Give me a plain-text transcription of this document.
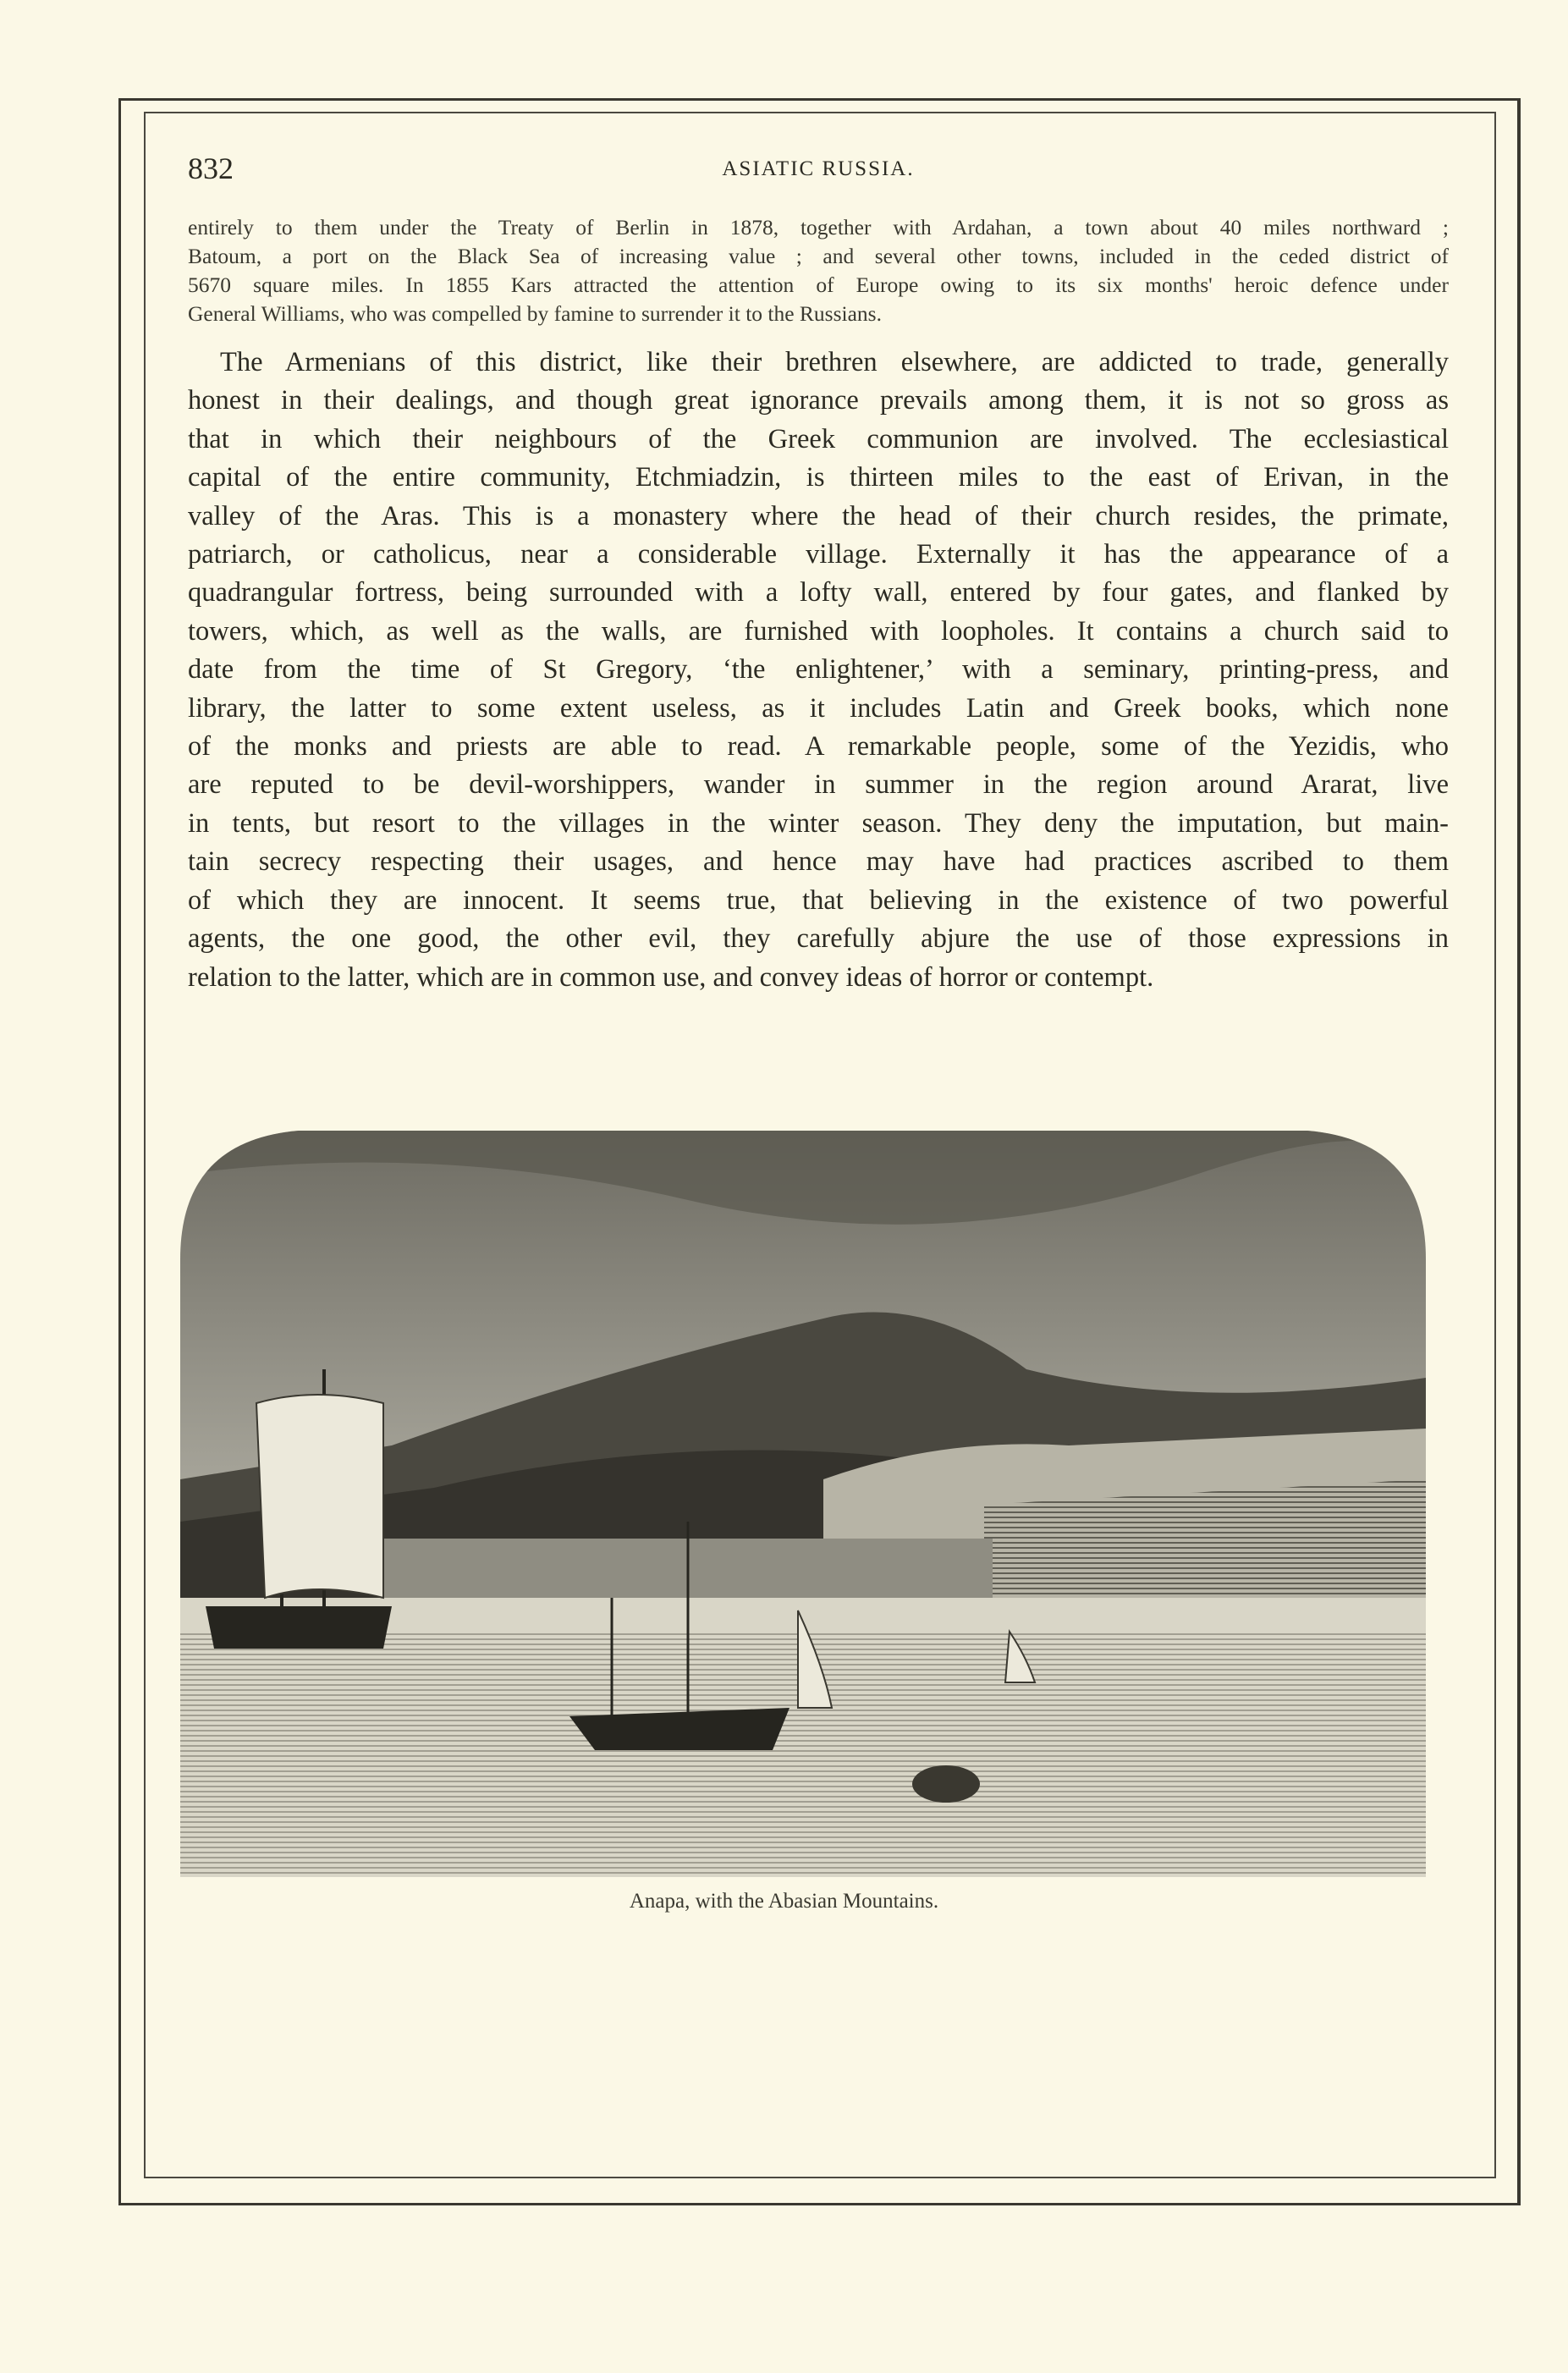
832	ASIATIC RUSSIA.
entirely to them under the Treaty of Berlin in 1878, together with Ardahan, a town about 40 miles northward ;
Batoum, a port on the Black Sea of increasing value ; and several other towns, included in the ceded district of
5670 square miles. In 1855 Kars attracted the attention of Europe owing to its six months' heroic defence under
General Williams, who was compelled by famine to surrender it to the Russians.
The Armenians of this district, like their brethren elsewhere, are addicted to trade, generally
honest in their dealings, and though great ignorance prevails among them, it is not so gross as
that in which their neighbours of the Greek communion are involved. The ecclesiastical
capital of the entire community, Etchmiadzin, is thirteen miles to the east of Erivan, in the
valley of the Aras. This is a monastery where the head of their church resides, the primate,
patriarch, or catholicus, near a considerable village. Externally it has the appearance of a
quadrangular fortress, being surrounded with a lofty wall, entered by four gates, and flanked by
towers, which, as well as the walls, are furnished with loopholes. It contains a church said to
date from the time of St Gregory, ‘the enlightener,’ with a seminary, printing-press, and
library, the latter to some extent useless, as it includes Latin and Greek books, which none
of the monks and priests are able to read. A remarkable people, some of the Yezidis, who
are reputed to be devil-worshippers, wander in summer in the region around Ararat, live
in tents, but resort to the villages in the winter season. They deny the imputation, but main-
tain secrecy respecting their usages, and hence may have had practices ascribed to them
of which they are innocent. It seems true, that believing in the existence of two powerful
agents, the one good, the other evil, they carefully abjure the use of those expressions in
relation to the latter, which are in common use, and convey ideas of horror or contempt.
Anapa, with the Abasian Mountains.
